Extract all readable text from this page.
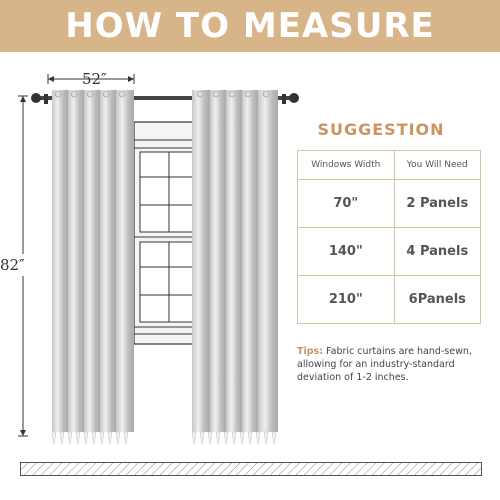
HOW TO MEASURE
52″
82″
SUGGESTION
Windows Width	You Will Need
70"	2 Panels
140"	4 Panels
210"	6Panels
Tips: Fabric curtains are hand-sewn, allowing for an industry-standard deviation of 1-2 inches.
